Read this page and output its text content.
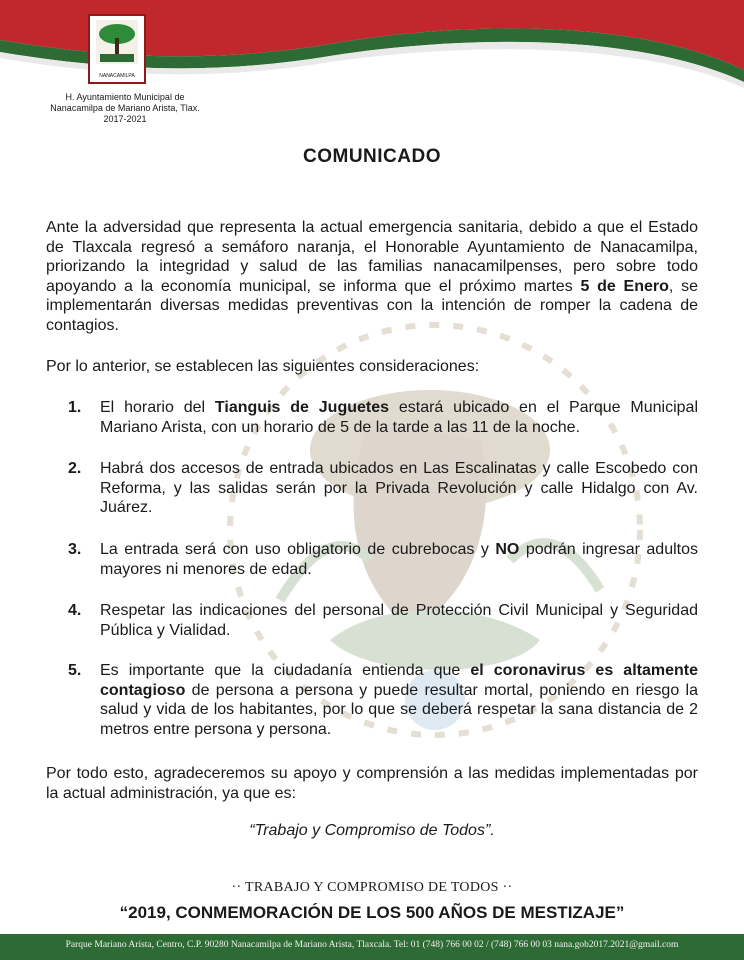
NANACAMILPA
H. Ayuntamiento Municipal de
Nanacamilpa de Mariano Arista, Tlax.
2017-2021
COMUNICADO
Ante la adversidad que representa la actual emergencia sanitaria, debido a que el Estado de Tlaxcala regresó a semáforo naranja, el Honorable Ayuntamiento de Nanacamilpa, priorizando la integridad y salud de las familias nanacamilpenses, pero sobre todo apoyando a la economía municipal, se informa que el próximo martes 5 de Enero, se implementarán diversas medidas preventivas con la intención de romper la cadena de contagios.
Por lo anterior, se establecen las siguientes consideraciones:
1.	El horario del Tianguis de Juguetes estará ubicado en el Parque Municipal Mariano Arista, con un horario de 5 de la tarde a las 11 de la noche.
2.	Habrá dos accesos de entrada ubicados en Las Escalinatas y calle Escobedo con Reforma, y las salidas serán por la Privada Revolución y calle Hidalgo con Av. Juárez.
3.	La entrada será con uso obligatorio de cubrebocas y NO podrán ingresar adultos mayores ni menores de edad.
4.	Respetar las indicaciones del personal de Protección Civil Municipal y Seguridad Pública y Vialidad.
5.	Es importante que la ciudadanía entienda que el coronavirus es altamente contagioso de persona a persona y puede resultar mortal, poniendo en riesgo la salud y vida de los habitantes, por lo que se deberá respetar la sana distancia de 2 metros entre persona y persona.
Por todo esto, agradeceremos su apoyo y comprensión a las medidas implementadas por la actual administración, ya que es:
“Trabajo y Compromiso de Todos”.
·· TRABAJO Y COMPROMISO DE TODOS ··
“2019, CONMEMORACIÓN DE LOS 500 AÑOS DE MESTIZAJE”
Parque Mariano Arista, Centro, C.P. 90280 Nanacamilpa de Mariano Arista, Tlaxcala. Tel: 01 (748) 766 00 02 / (748) 766 00 03 nana.gob2017.2021@gmail.com
